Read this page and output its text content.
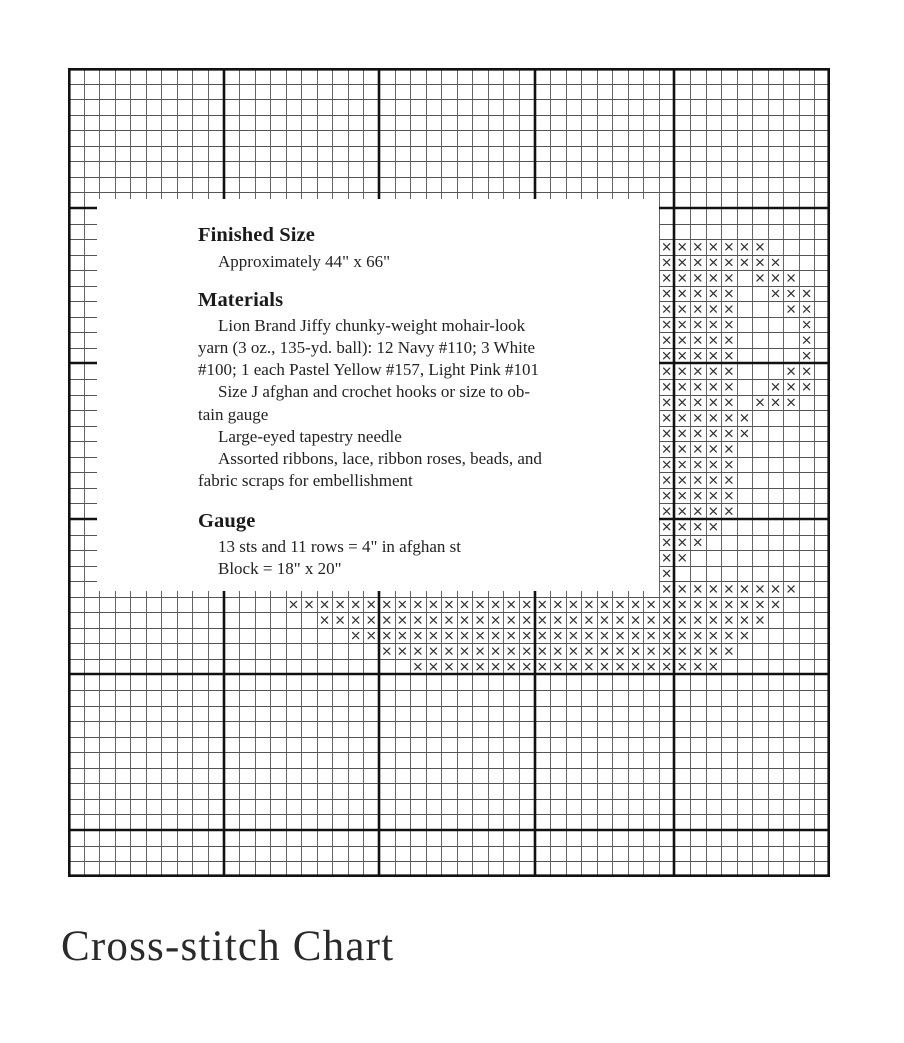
Finished Size
Approximately 44" x 66"
Materials
Lion Brand Jiffy chunky-weight mohair-look
yarn (3 oz., 135-yd. ball): 12 Navy #110; 3 White
#100; 1 each Pastel Yellow #157, Light Pink #101
Size J afghan and crochet hooks or size to ob-
tain gauge
Large-eyed tapestry needle
Assorted ribbons, lace, ribbon roses, beads, and
fabric scraps for embellishment
Gauge
13 sts and 11 rows = 4" in afghan st
Block = 18" x 20"
Cross-stitch Chart
